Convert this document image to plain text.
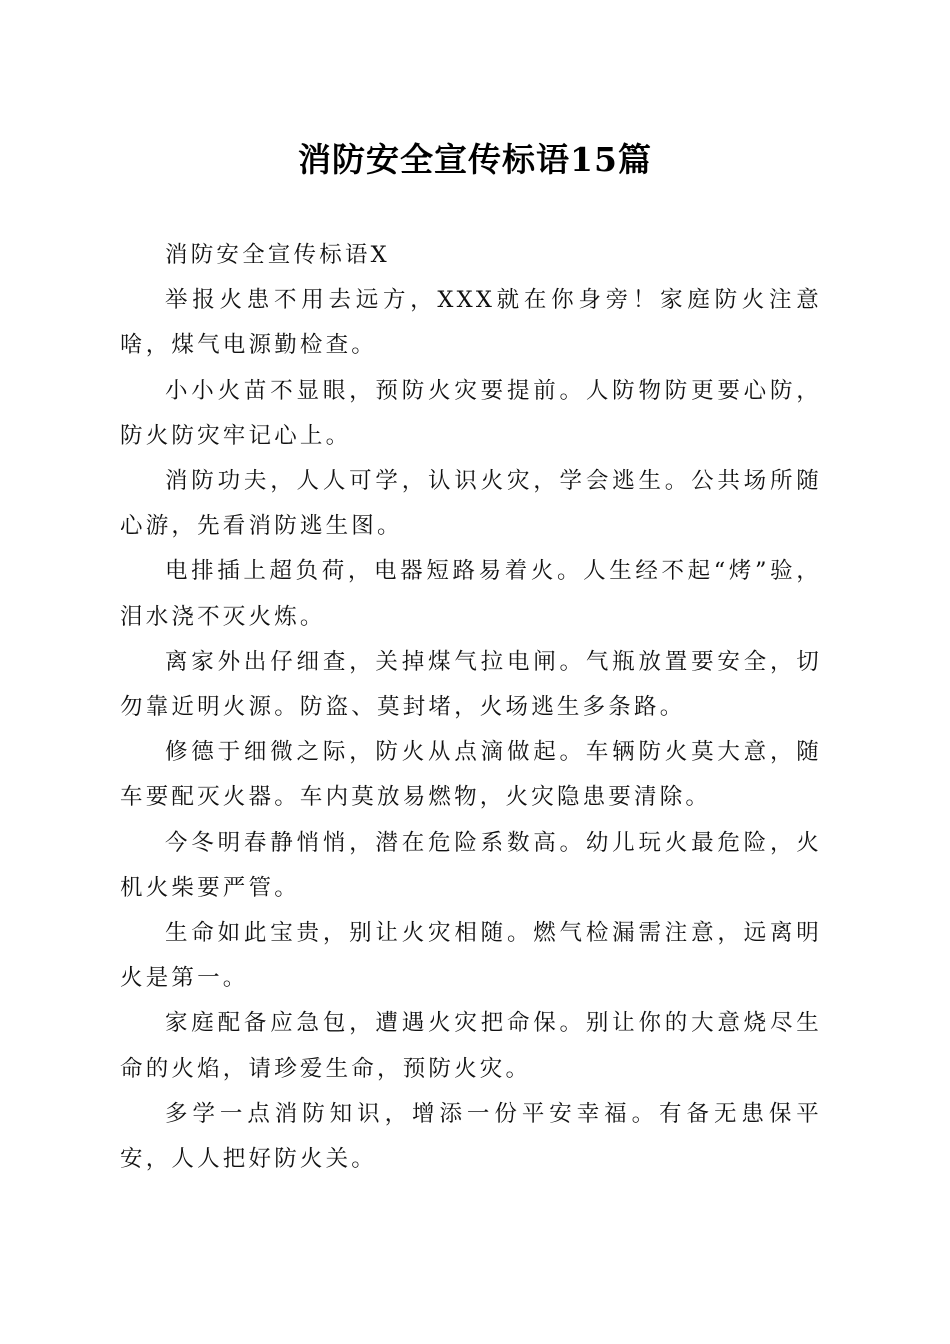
消防安全宣传标语15篇

消防安全宣传标语X

举报火患不用去远方，XXX就在你身旁！家庭防火注意啥，煤气电源勤检查。

小小火苗不显眼，预防火灾要提前。人防物防更要心防，防火防灾牢记心上。

消防功夫，人人可学，认识火灾，学会逃生。公共场所随心游，先看消防逃生图。

电排插上超负荷，电器短路易着火。人生经不起“烤”验，泪水浇不灭火炼。

离家外出仔细查，关掉煤气拉电闸。气瓶放置要安全，切勿靠近明火源。防盗、莫封堵，火场逃生多条路。

修德于细微之际，防火从点滴做起。车辆防火莫大意，随车要配灭火器。车内莫放易燃物，火灾隐患要清除。

今冬明春静悄悄，潜在危险系数高。幼儿玩火最危险，火机火柴要严管。

生命如此宝贵，别让火灾相随。燃气检漏需注意，远离明火是第一。

家庭配备应急包，遭遇火灾把命保。别让你的大意烧尽生命的火焰，请珍爱生命，预防火灾。

多学一点消防知识，增添一份平安幸福。有备无患保平安，人人把好防火关。
